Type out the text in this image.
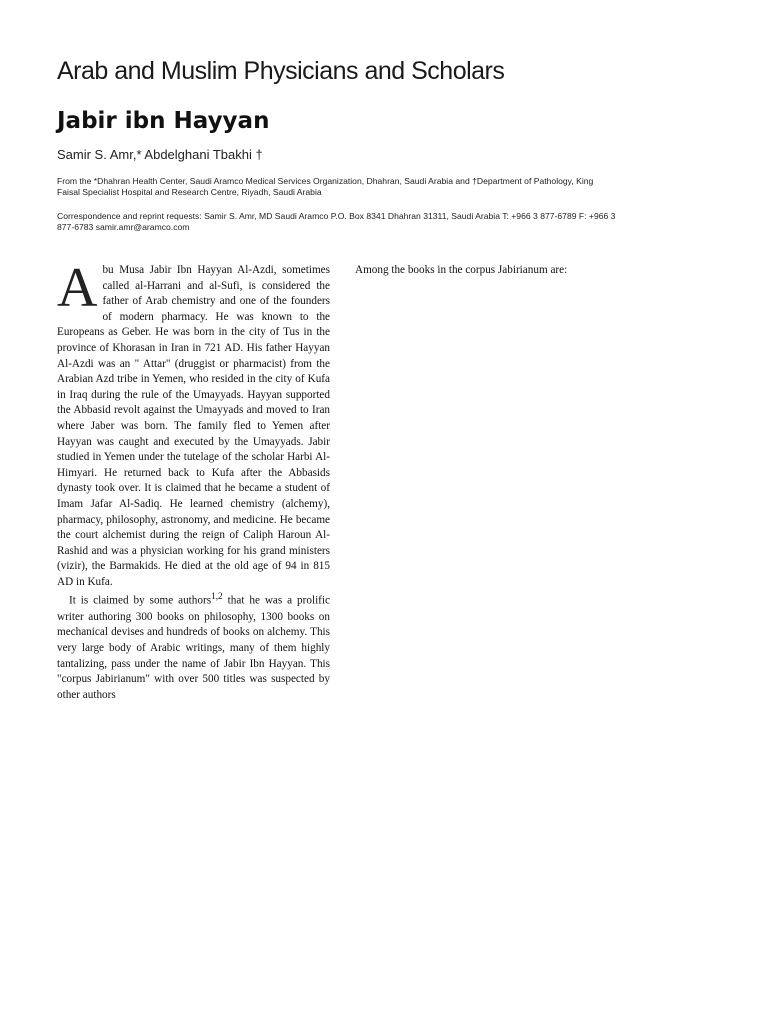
Arab and Muslim Physicians and Scholars
Jabir ibn Hayyan
Samir S. Amr,* Abdelghani Tbakhi †
From the *Dhahran Health Center, Saudi Aramco Medical Services Organization, Dhahran, Saudi Arabia and †Department of Pathology, King Faisal Specialist Hospital and Research Centre, Riyadh, Saudi Arabia
Correspondence and reprint requests: Samir S. Amr, MD Saudi Aramco P.O. Box 8341 Dhahran 31311, Saudi Arabia T: +966 3 877-6789 F: +966 3 877-6783 samir.amr@aramco.com

Abu Musa Jabir Ibn Hayyan Al-Azdi, sometimes called al-Harrani and al-Sufi, is considered the father of Arab chemistry and one of the founders of modern pharmacy. He was known to the Europeans as Geber. He was born in the city of Tus in the province of Khorasan in Iran in 721 AD. His father Hayyan Al-Azdi was an " Attar" (druggist or pharmacist) from the Arabian Azd tribe in Yemen, who resided in the city of Kufa in Iraq during the rule of the Umayyads. Hayyan supported the Abbasid revolt against the Umayyads and moved to Iran where Jaber was born. The family fled to Yemen after Hayyan was caught and executed by the Umayyads. Jabir studied in Yemen under the tutelage of the scholar Harbi Al-Himyari. He returned back to Kufa after the Abbasids dynasty took over. It is claimed that he became a student of Imam Jafar Al-Sadiq. He learned chemistry (alchemy), pharmacy, philosophy, astronomy, and medicine. He became the court alchemist during the reign of Caliph Haroun Al-Rashid and was a physician working for his grand ministers (vizir), the Barmakids. He died at the old age of 94 in 815 AD in Kufa.

It is claimed by some authors$^{1,2}$ that he was a prolific writer authoring 300 books on philosophy, 1300 books on mechanical devises and hundreds of books on alchemy. This very large body of Arabic writings, many of them highly tantalizing, pass under the name of Jabir Ibn Hayyan. This "corpus Jabirianum" with over 500 titles was suspected by other authors

Among the books in the corpus Jabirianum are:
